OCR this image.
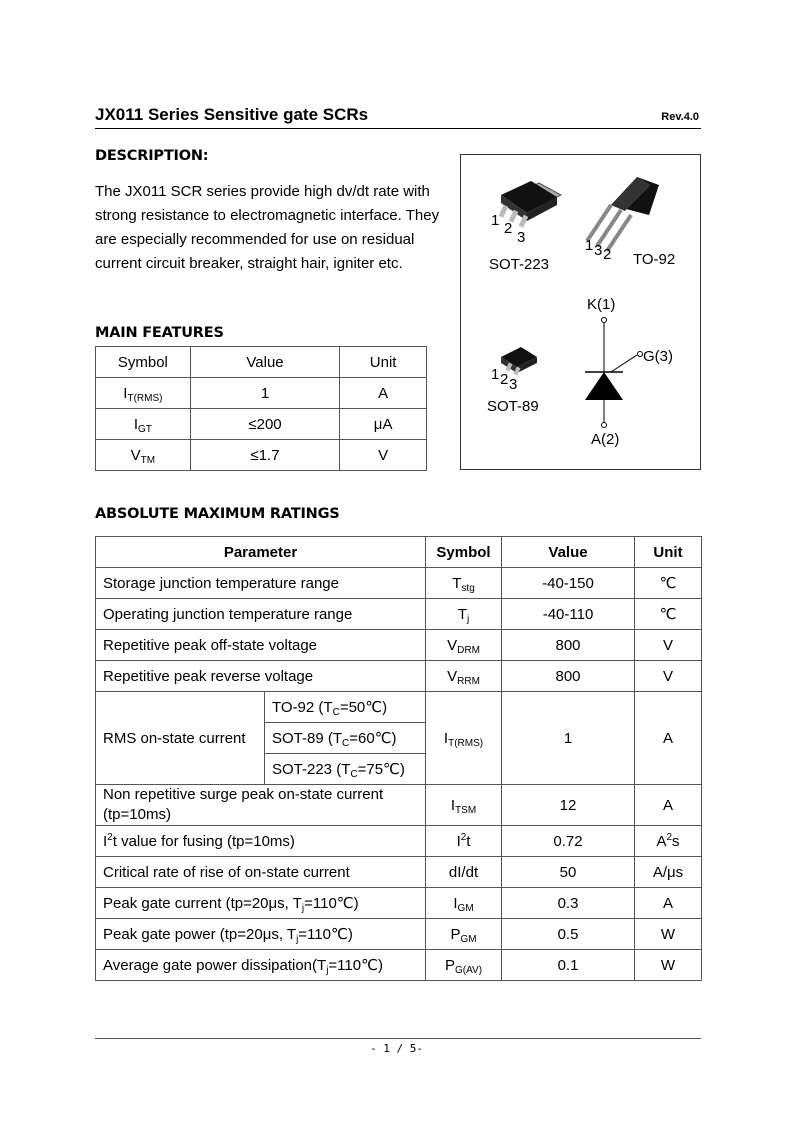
JX011 Series Sensitive gate SCRs	Rev.4.0
DESCRIPTION:
The JX011 SCR series provide high dv/dt rate with strong resistance to electromagnetic interface. They are especially recommended for use on residual current circuit breaker, straight hair, igniter etc.
1 2
3
SOT-223
1 3 2 TO-92
1 2 3
SOT-89
K(1)
G(3)
A(2)
MAIN FEATURES
Symbol	Value	Unit
$I_{T(RMS)}$	1	A
$I_{GT}$	≤200	μA
$V_{TM}$	≤1.7	V
ABSOLUTE MAXIMUM RATINGS
Parameter		Symbol	Value	Unit
Storage junction temperature range		$T_{stg}$	-40-150	℃
Operating junction temperature range		$T_j$	-40-110	℃
Repetitive peak off-state voltage		$V_{DRM}$	800	V
Repetitive peak reverse voltage		$V_{RRM}$	800	V
RMS on-state current	TO-92 $(T_C=50℃)$	$I_{T(RMS)}$	1	A
	SOT-89 $(T_C=60℃)$			
	SOT-223 $(T_C=75℃)$			
Non repetitive surge peak on-state current (tp=10ms)		$I_{TSM}$	12	A
$I^2t$ value for fusing (tp=10ms)		$I^2t$	0.72	$A^2s$
Critical rate of rise of on-state current		dI/dt	50	A/μs
Peak gate current (tp=20μs, $T_j=110℃$)		$I_{GM}$	0.3	A
Peak gate power (tp=20μs, $T_j=110℃$)		$P_{GM}$	0.5	W
Average gate power $dissipation(T_j=110℃)$		$P_{G(AV)}$	0.1	W
- 1 / 5-
